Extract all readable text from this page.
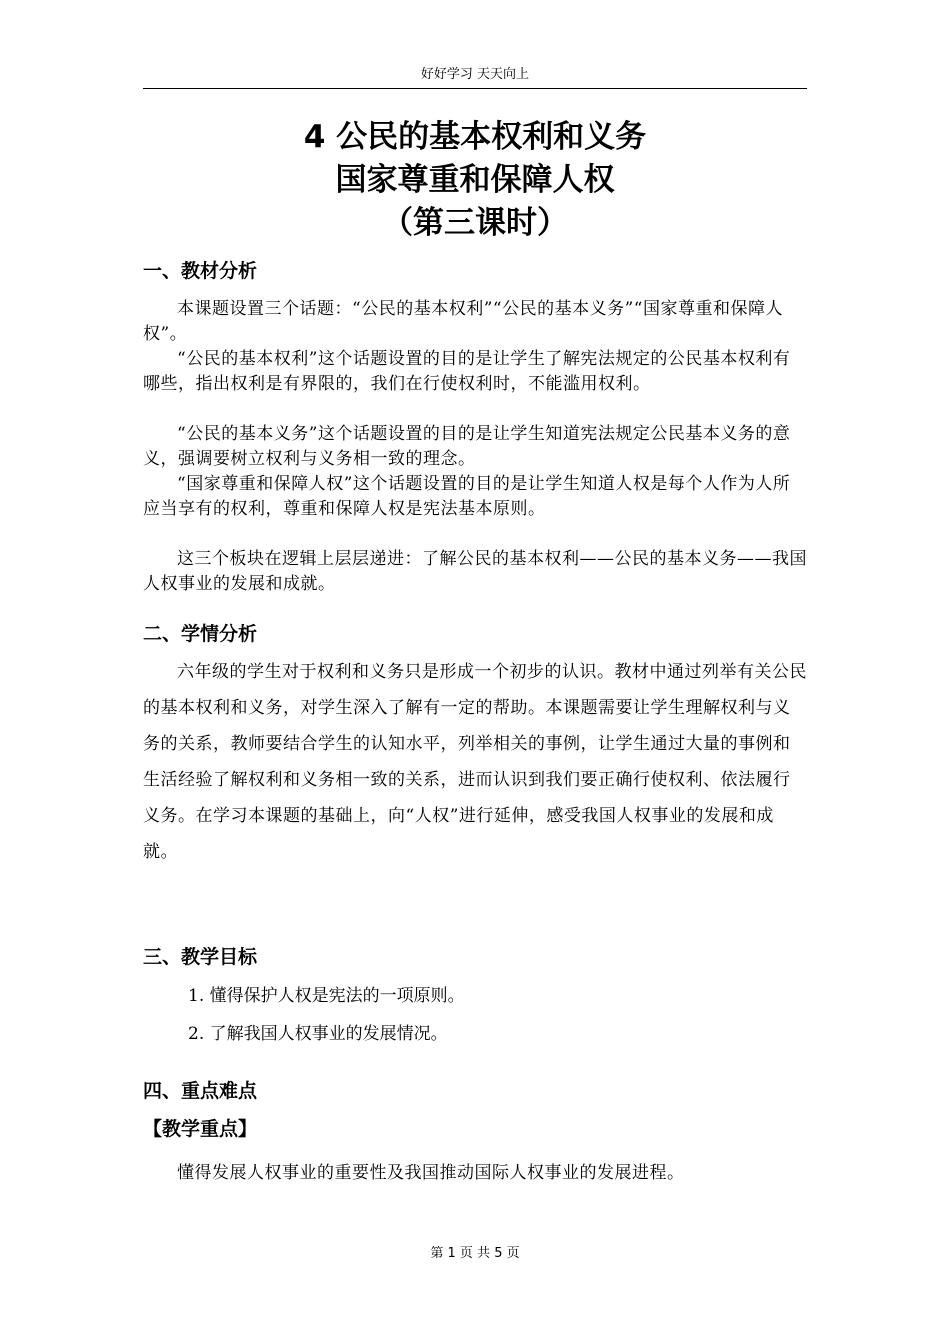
好好学习 天天向上
4 公民的基本权利和义务
国家尊重和保障人权
（第三课时）
一、教材分析

本课题设置三个话题：“公民的基本权利”“公民的基本义务”“国家尊重和保障人权”。

“公民的基本权利”这个话题设置的目的是让学生了解宪法规定的公民基本权利有哪些，指出权利是有界限的，我们在行使权利时，不能滥用权利。

“公民的基本义务”这个话题设置的目的是让学生知道宪法规定公民基本义务的意义，强调要树立权利与义务相一致的理念。

“国家尊重和保障人权”这个话题设置的目的是让学生知道人权是每个人作为人所应当享有的权利，尊重和保障人权是宪法基本原则。

这三个板块在逻辑上层层递进：了解公民的基本权利——公民的基本义务——我国人权事业的发展和成就。

二、学情分析

六年级的学生对于权利和义务只是形成一个初步的认识。教材中通过列举有关公民的基本权利和义务，对学生深入了解有一定的帮助。本课题需要让学生理解权利与义务的关系，教师要结合学生的认知水平，列举相关的事例，让学生通过大量的事例和生活经验了解权利和义务相一致的关系，进而认识到我们要正确行使权利、依法履行义务。在学习本课题的基础上，向“人权”进行延伸，感受我国人权事业的发展和成就。

三、教学目标
1. 懂得保护人权是宪法的一项原则。
2. 了解我国人权事业的发展情况。
四、重点难点
【教学重点】

懂得发展人权事业的重要性及我国推动国际人权事业的发展进程。

第 1 页 共 5 页
